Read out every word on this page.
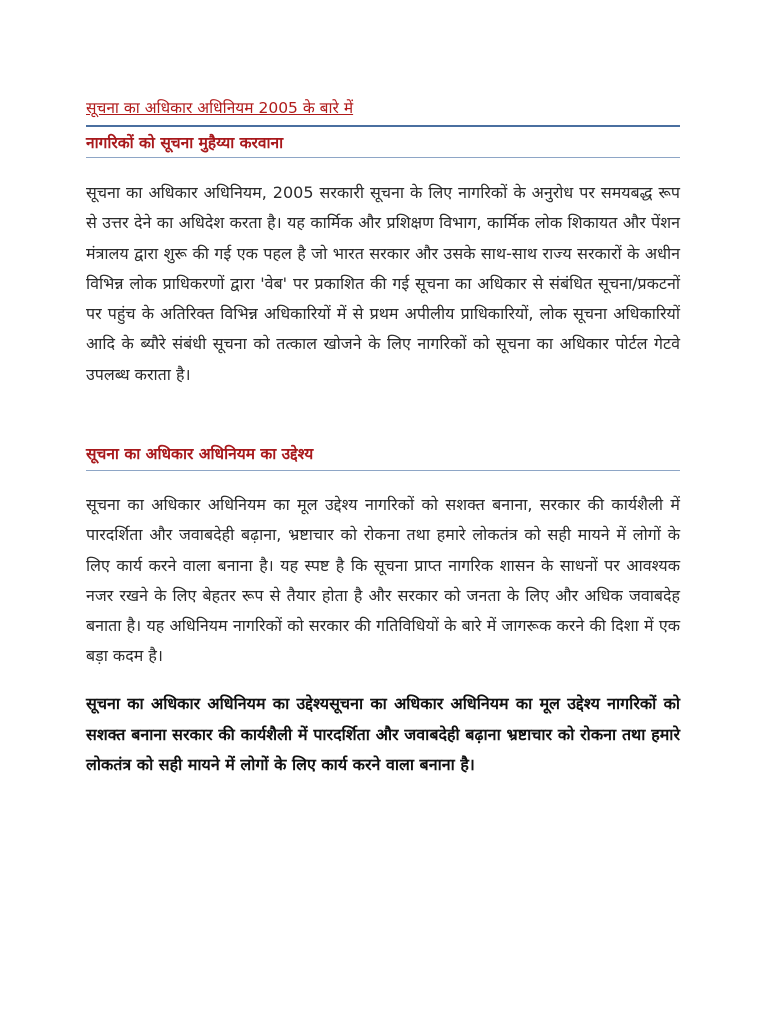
सूचना का अधिकार अधिनियम 2005 के बारे में
नागरिकों को सूचना मुहैय्या करवाना

सूचना का अधिकार अधिनियम, 2005 सरकारी सूचना के लिए नागरिकों के अनुरोध पर समयबद्ध रूप से उत्तर देने का अधिदेश करता है। यह कार्मिक और प्रशिक्षण विभाग, कार्मिक लोक शिकायत और पेंशन मंत्रालय द्वारा शुरू की गई एक पहल है जो भारत सरकार और उसके साथ-साथ राज्य सरकारों के अधीन विभिन्न लोक प्राधिकरणों द्वारा 'वेब' पर प्रकाशित की गई सूचना का अधिकार से संबंधित सूचना/प्रकटनों पर पहुंच के अतिरिक्त विभिन्न अधिकारियों में से प्रथम अपीलीय प्राधिकारियों, लोक सूचना अधिकारियों आदि के ब्यौरे संबंधी सूचना को तत्काल खोजने के लिए नागरिकों को सूचना का अधिकार पोर्टल गेटवे उपलब्ध कराता है।

सूचना का अधिकार अधिनियम का उद्देश्य

सूचना का अधिकार अधिनियम का मूल उद्देश्य नागरिकों को सशक्त बनाना, सरकार की कार्यशैली में पारदर्शिता और जवाबदेही बढ़ाना, भ्रष्टाचार को रोकना तथा हमारे लोकतंत्र को सही मायने में लोगों के लिए कार्य करने वाला बनाना है। यह स्पष्ट है कि सूचना प्राप्त नागरिक शासन के साधनों पर आवश्यक नजर रखने के लिए बेहतर रूप से तैयार होता है और सरकार को जनता के लिए और अधिक जवाबदेह बनाता है। यह अधिनियम नागरिकों को सरकार की गतिविधियों के बारे में जागरूक करने की दिशा में एक बड़ा कदम है।

सूचना का अधिकार अधिनियम का उद्देश्यसूचना का अधिकार अधिनियम का मूल उद्देश्य नागरिकों को सशक्त बनाना सरकार की कार्यशैली में पारदर्शिता और जवाबदेही बढ़ाना भ्रष्टाचार को रोकना तथा हमारे लोकतंत्र को सही मायने में लोगों के लिए कार्य करने वाला बनाना है।
